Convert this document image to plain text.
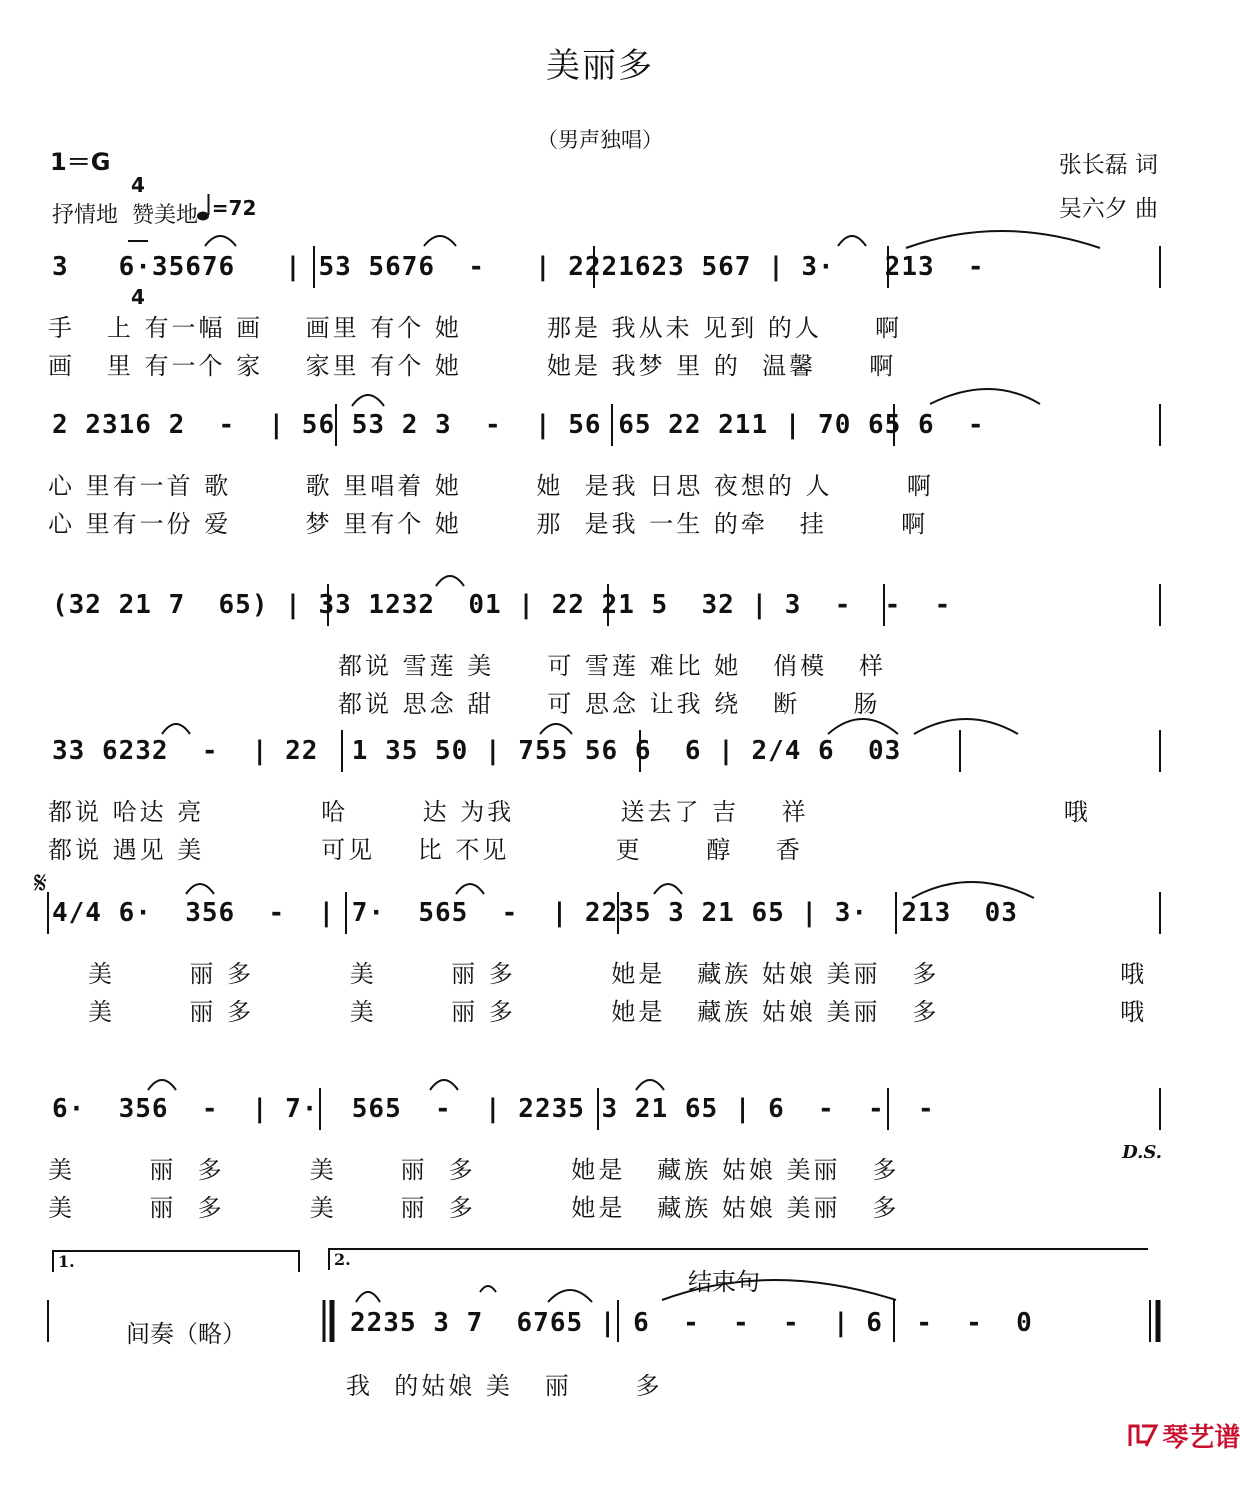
美丽多
（男声独唱）
1＝G

4

4

=72

张长磊 词
吴六夕 曲
抒情地  赞美地
3   6·35676   | 53 5676  -   | 2221623 567 | 3·   213  -
手   上 有一幅 画    画里 有个 她        那是 我从未 见到 的人     啊
画   里 有一个 家    家里 有个 她        她是 我梦 里 的  温馨     啊
2 2316 2  -  | 56 53 2 3  -  | 56 65 22 211 | 70 65 6  -
心 里有一首 歌       歌 里唱着 她       她  是我 日思 夜想的 人       啊
心 里有一份 爱       梦 里有个 她       那  是我 一生 的牵   挂       啊
(32 21 7  65) | 33 1232  01 | 22 21 5  32 | 3  -  -  -
都说 雪莲 美     可 雪莲 难比 她   俏模   样
都说 思念 甜     可 思念 让我 绕   断     肠
33 6232  -  | 22  1 35 50 | 755 56 6  6 | 2/4 6  03
都说 哈达 亮           哈       达 为我          送去了 吉    祥                        哦
都说 遇见 美           可见    比 不见          更      醇    香
𝄋
4/4 6·  356  -  | 7·  565  -  | 2235 3 21 65 | 3·  213  03
美       丽 多         美       丽 多         她是   藏族 姑娘 美丽   多                 哦
美       丽 多         美       丽 多         她是   藏族 姑娘 美丽   多                 哦
6·  356  -  | 7·  565  -  | 2235 3 21 65 | 6  -  -  -
美       丽  多        美      丽  多         她是   藏族 姑娘 美丽   多
美       丽  多        美      丽  多         她是   藏族 姑娘 美丽   多
D.S.
1.	2.
结束句
间奏（略）	2235 3 7  6765 | 6  -  -  -  | 6  -  -  0
我  的姑娘 美   丽      多

琴艺谱
